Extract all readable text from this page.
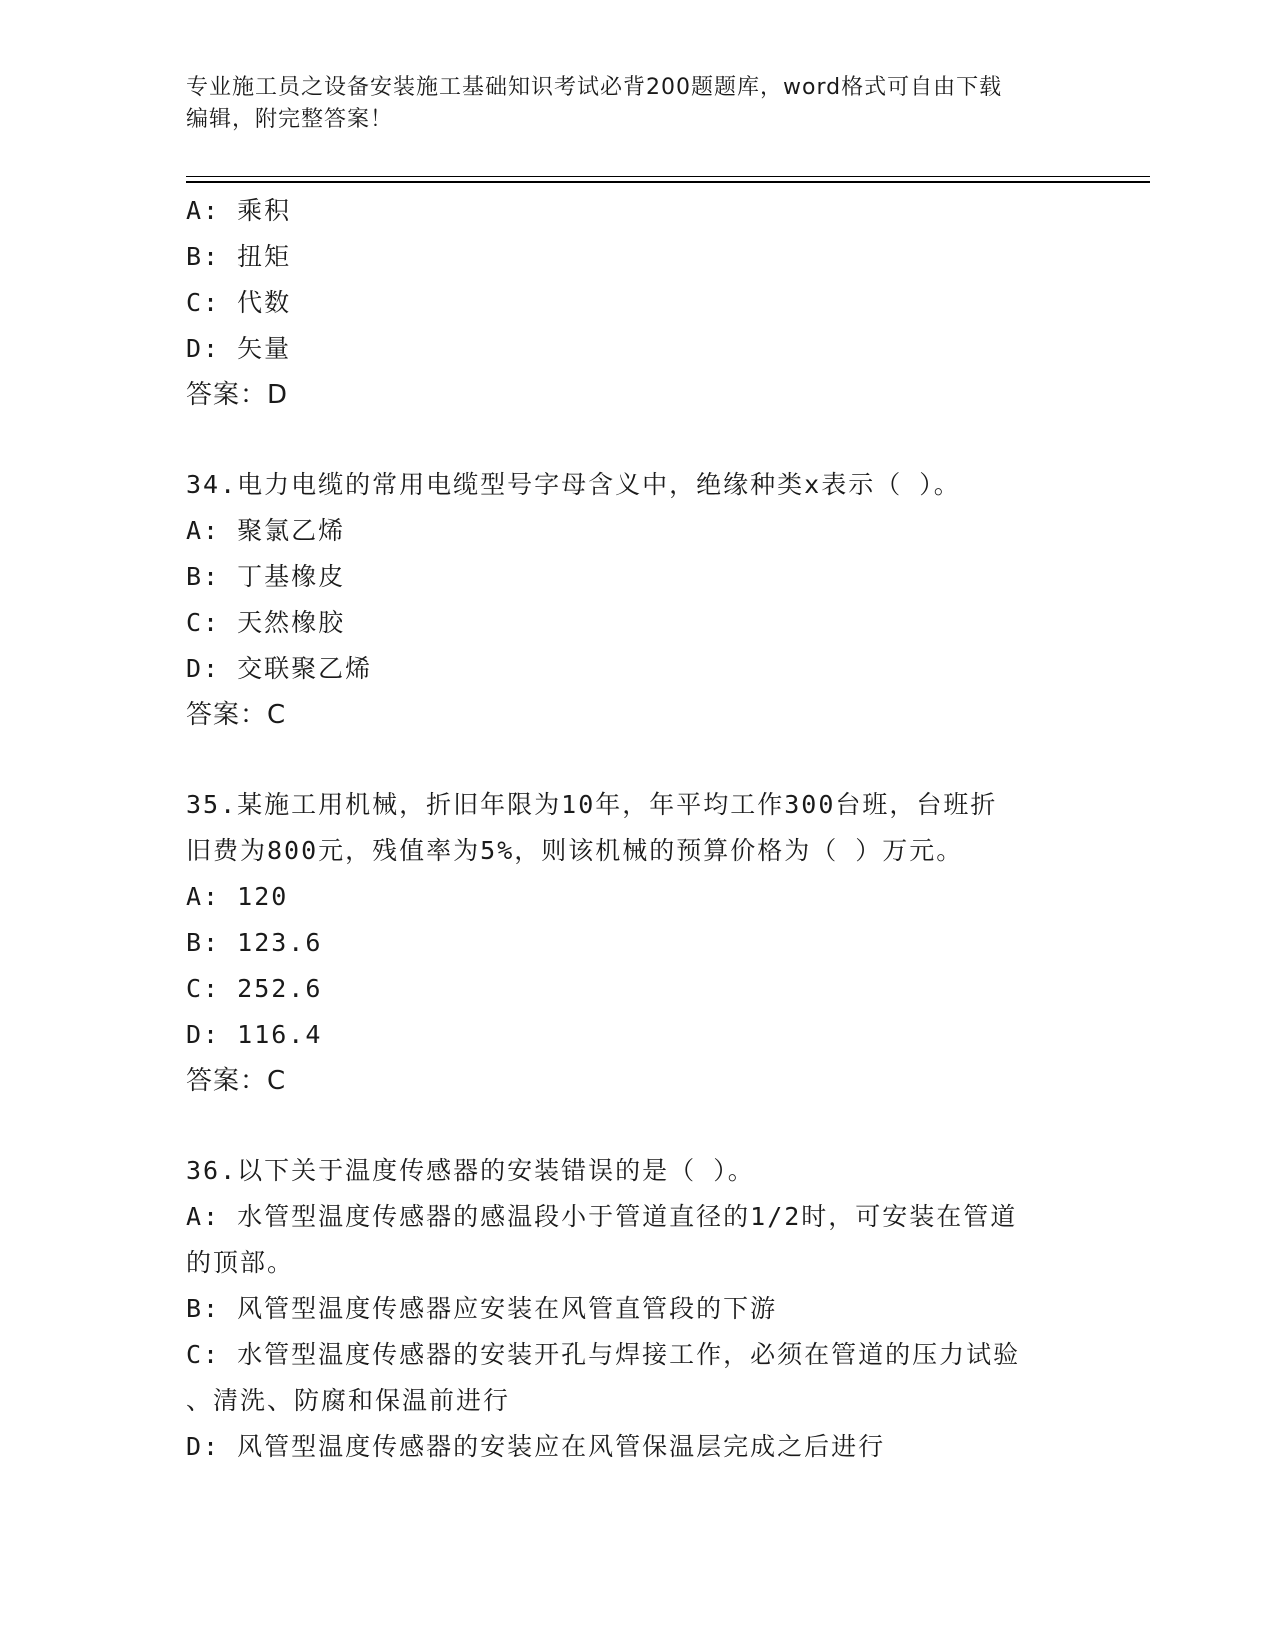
专业施工员之设备安装施工基础知识考试必背200题题库，word格式可自由下载
编辑，附完整答案！
A: 乘积
B: 扭矩
C: 代数
D: 矢量
答案：D
34.电力电缆的常用电缆型号字母含义中，绝缘种类x表示（ ）。
A: 聚氯乙烯
B: 丁基橡皮
C: 天然橡胶
D: 交联聚乙烯
答案：C
35.某施工用机械，折旧年限为10年，年平均工作300台班，台班折
旧费为800元，残值率为5%，则该机械的预算价格为（ ）万元。
A: 120
B: 123.6
C: 252.6
D: 116.4
答案：C
36.以下关于温度传感器的安装错误的是（ ）。
A: 水管型温度传感器的感温段小于管道直径的1/2时，可安装在管道
的顶部。
B: 风管型温度传感器应安装在风管直管段的下游
C: 水管型温度传感器的安装开孔与焊接工作，必须在管道的压力试验
、清洗、防腐和保温前进行
D: 风管型温度传感器的安装应在风管保温层完成之后进行
